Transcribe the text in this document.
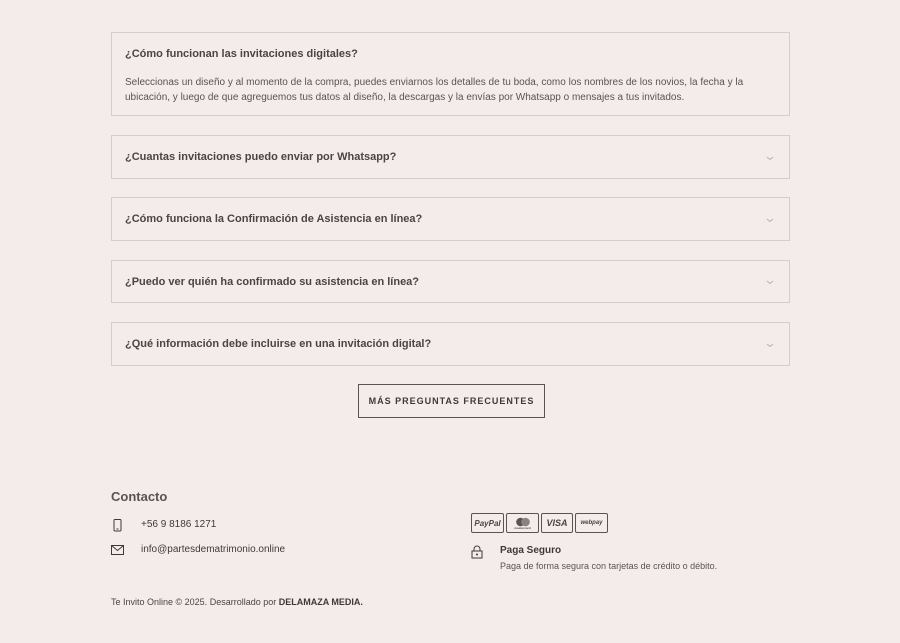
¿Cómo funcionan las invitaciones digitales?
Seleccionas un diseño y al momento de la compra, puedes enviarnos los detalles de tu boda, como los nombres de los novios, la fecha y la ubicación, y luego de que agreguemos tus datos al diseño, la descargas y la envías por Whatsapp o mensajes a tus invitados.
¿Cuantas invitaciones puedo enviar por Whatsapp?
¿Cómo funciona la Confirmación de Asistencia en línea?
¿Puedo ver quién ha confirmado su asistencia en línea?
¿Qué información debe incluirse en una invitación digital?
MÁS PREGUNTAS FRECUENTES
Contacto
+56 9 8186 1271
info@partesdematrimonio.online
PayPal	mastercard VISA webpay
Paga Seguro
Paga de forma segura con tarjetas de crédito o débito.
Te Invito Online © 2025. Desarrollado por DELAMAZA MEDIA.
